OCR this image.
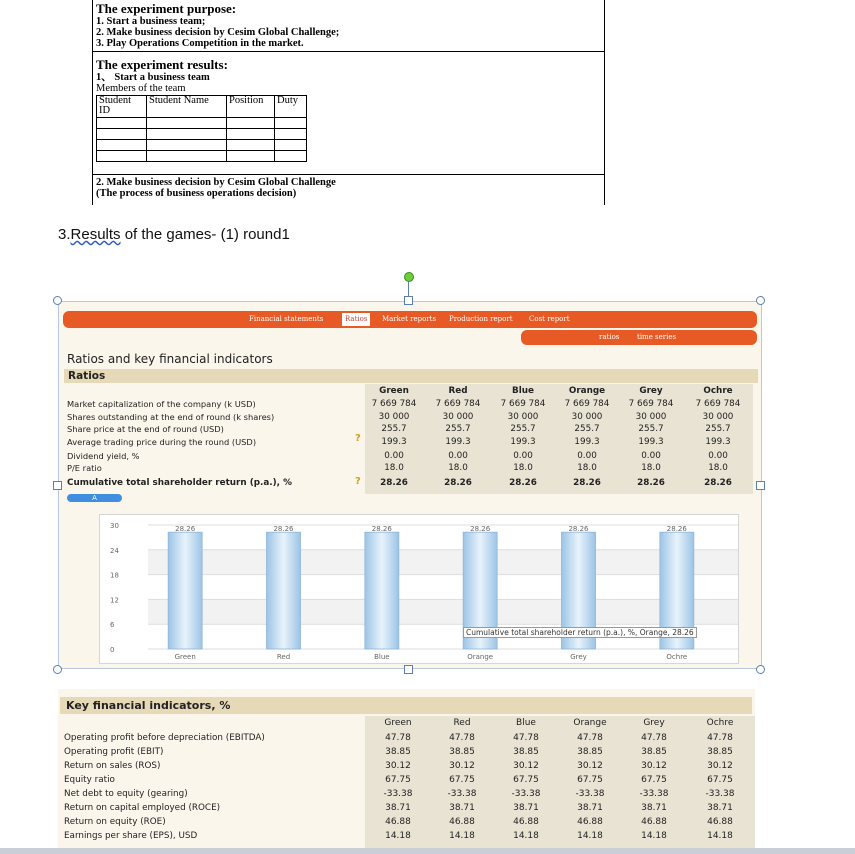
The experiment purpose:
1. Start a business team;
2. Make business decision by Cesim Global Challenge;
3. Play Operations Competition in the market.
The experiment results:
1、 Start a business team
Members of the team
Student ID	Student Name	Position	Duty

2. Make business decision by Cesim Global Challenge
(The process of business operations decision)
3.Results of the games- (1) round1
Financial statements	Ratios	Market reports Production report Cost report
ratios	time series
Ratios and key financial indicators
Ratios
Green	Red	Blue	Orange	Grey	Ochre
Market capitalization of the company (k USD)	7 669 784	7 669 784	7 669 784	7 669 784	7 669 784	7 669 784
Shares outstanding at the end of round (k shares)	30 000	30 000	30 000	30 000	30 000	30 000
Share price at the end of round (USD)	255.7	255.7	255.7	255.7	255.7	255.7
Average trading price during the round (USD)	199.3	199.3	199.3	199.3	199.3	199.3
Dividend yield, %	0.00	0.00	0.00	0.00	0.00	0.00
P/E ratio	18.0	18.0	18.0	18.0	18.0	18.0
Cumulative total shareholder return (p.a.), %	28.26	28.26	28.26	28.26	28.26	28.26
?
?
A
0
6
12
18
24
30	28.26
Green
28.26
Red
28.26
Blue
28.26
Orange
28.26
Grey
28.26
Ochre
Cumulative total shareholder return (p.a.), %, Orange, 28.26
Key financial indicators, %
Green	Red	Blue	Orange	Grey	Ochre
Operating profit before depreciation (EBITDA)	47.78	47.78	47.78	47.78	47.78	47.78
Operating profit (EBIT)	38.85	38.85	38.85	38.85	38.85	38.85
Return on sales (ROS)	30.12	30.12	30.12	30.12	30.12	30.12
Equity ratio	67.75	67.75	67.75	67.75	67.75	67.75
Net debt to equity (gearing)	-33.38	-33.38	-33.38	-33.38	-33.38	-33.38
Return on capital employed (ROCE)	38.71	38.71	38.71	38.71	38.71	38.71
Return on equity (ROE)	46.88	46.88	46.88	46.88	46.88	46.88
Earnings per share (EPS), USD	14.18	14.18	14.18	14.18	14.18	14.18
